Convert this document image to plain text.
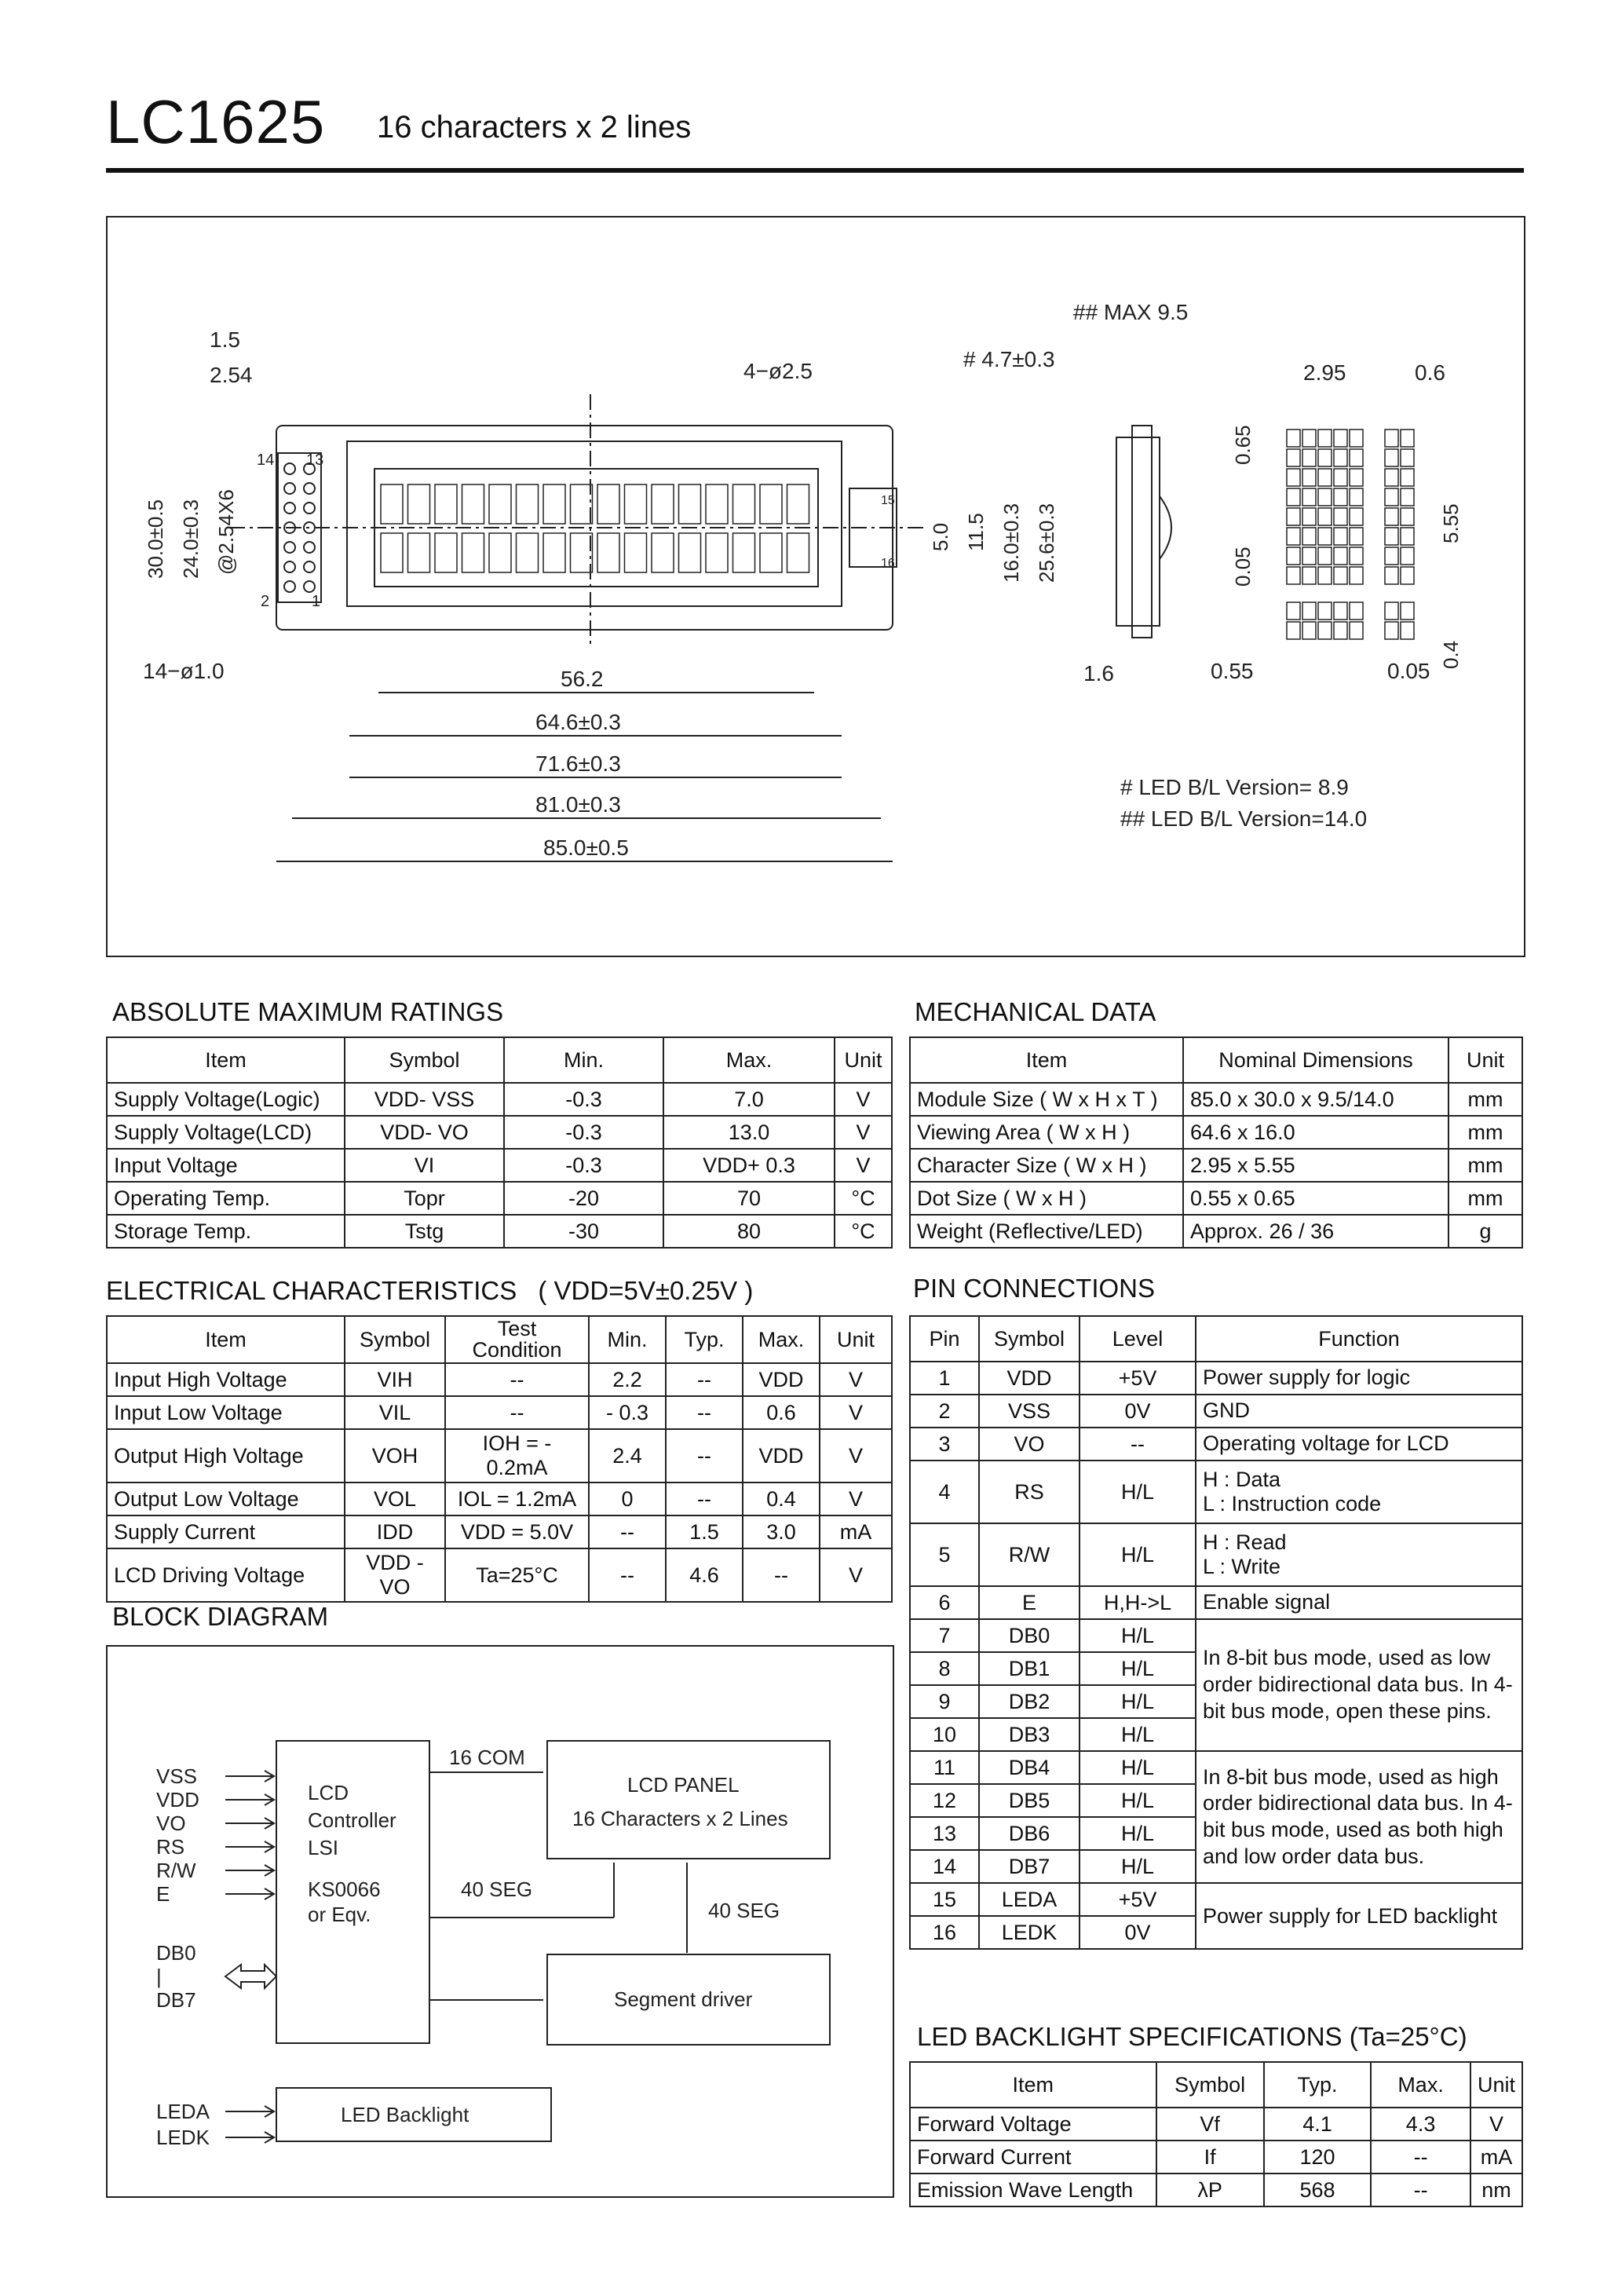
LC1625 16 characters x 2 lines
14 13
2	1
15
16
56.2
64.6±0.3
71.6±0.3
81.0±0.3
85.0±0.5
1.6	0.55	0.05
1.5
2.54	4−ø2.5	# 4.7±0.3
## MAX 9.5
2.95	0.6
14−ø1.0
# LED B/L Version= 8.9
## LED B/L Version=14.0
30.0±0.5 24.0±0.3 @2.54X6	5.0 11.5 16.0±0.3 25.6±0.3
0.65
5.55
0.05
0.4
ABSOLUTE MAXIMUM RATINGS
Item	Symbol	Min.	Max.	Unit
Supply Voltage(Logic)	VDD- VSS	-0.3	7.0	V
Supply Voltage(LCD)	VDD- VO	-0.3	13.0	V
Input Voltage	VI	-0.3	VDD+ 0.3	V
Operating Temp.	Topr	-20	70	°C
Storage Temp.	Tstg	-30	80	°C
MECHANICAL DATA
Item	Nominal Dimensions	Unit
Module Size ( W x H x T )	85.0 x 30.0 x 9.5/14.0	mm
Viewing Area ( W x H )	64.6 x 16.0	mm
Character Size ( W x H )	2.95 x 5.55	mm
Dot Size ( W x H )	0.55 x 0.65	mm
Weight (Reflective/LED)	Approx. 26 / 36	g
ELECTRICAL CHARACTERISTICS ( VDD=5V±0.25V )
Item	Symbol	Test Condition	Min.	Typ.	Max.	Unit
Input High Voltage	VIH	--	2.2	--	VDD	V
Input Low Voltage	VIL	--	- 0.3	--	0.6	V
Output High Voltage	VOH	IOH = - 0.2mA	2.4	--	VDD	V
Output Low Voltage	VOL	IOL = 1.2mA	0	--	0.4	V
Supply Current	IDD	VDD = 5.0V	--	1.5	3.0	mA
LCD Driving Voltage	VDD - VO	Ta=25°C	--	4.6	--	V
PIN CONNECTIONS
Pin	Symbol	Level	Function
1	VDD	+5V	Power supply for logic
2	VSS	0V	GND
3	VO	--	Operating voltage for LCD
4	RS	H/L	H : Data
L : Instruction code
5	R/W	H/L	H : Read
L : Write
6	E	H,H->L	Enable signal
7	DB0	H/L	In 8-bit bus mode, used as low order bidirectional data bus. In 4-bit bus mode, open these pins.
8	DB1	H/L	
9	DB2	H/L	
10	DB3	H/L	
11	DB4	H/L	In 8-bit bus mode, used as high order bidirectional data bus. In 4-bit bus mode, used as both high and low order data bus.
12	DB5	H/L	
13	DB6	H/L	
14	DB7	H/L	
15	LEDA	+5V	Power supply for LED backlight
16	LEDK	0V	
BLOCK DIAGRAM
LCD
Controller
LSI
KS0066
or Eqv.
LCD PANEL
16 Characters x 2 Lines
16 COM
40 SEG
40 SEG
Segment driver
LED Backlight
VSS
VDD
VO
RS
R/W
E
DB0
|
DB7
LEDA
LEDK
LED BACKLIGHT SPECIFICATIONS (Ta=25°C)
Item	Symbol	Typ.	Max.	Unit
Forward Voltage	Vf	4.1	4.3	V
Forward Current	If	120	--	mA
Emission Wave Length	λP	568	--	nm
